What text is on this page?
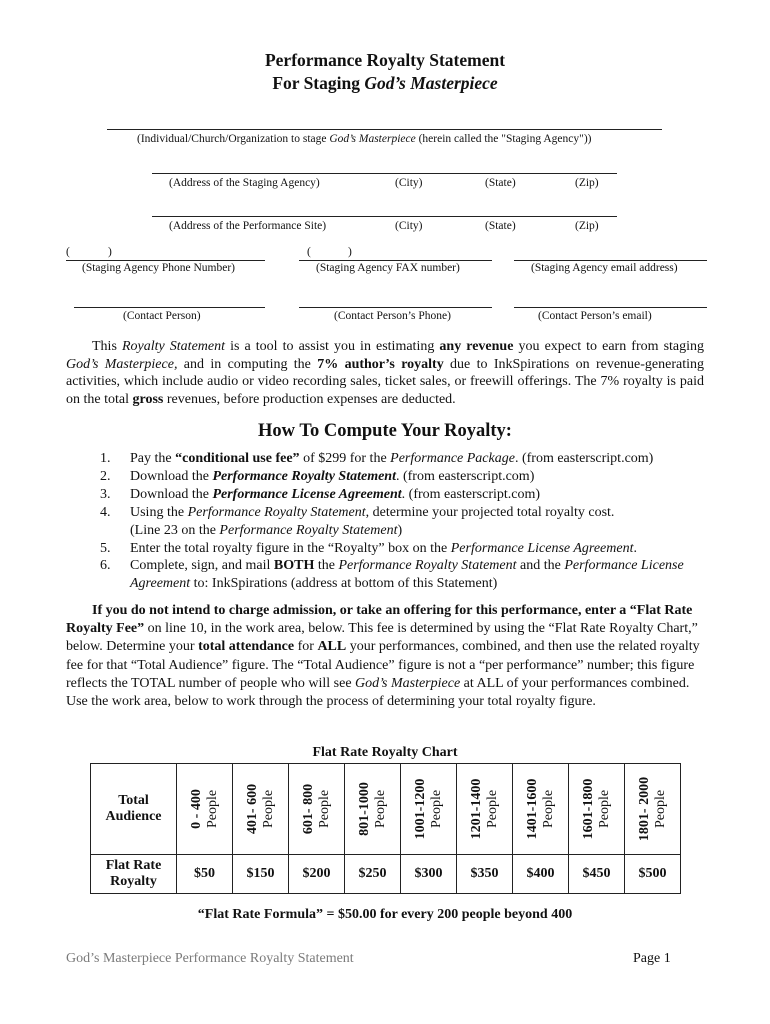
Performance Royalty Statement
For Staging God’s Masterpiece
(Individual/Church/Organization to stage God’s Masterpiece (herein called the "Staging Agency"))
(Address of the Staging Agency)	(City)	(State)	(Zip)
(Address of the Performance Site)	(City)	(State)	(Zip)
(	)
(Staging Agency Phone Number)
(	)
(Staging Agency FAX number)	(Staging Agency email address)
(Contact Person)	(Contact Person’s Phone)	(Contact Person’s email)
This Royalty Statement is a tool to assist you in estimating any revenue you expect to earn from staging God’s Masterpiece, and in computing the 7% author’s royalty due to InkSpirations on revenue-generating activities, which include audio or video recording sales, ticket sales, or freewill offerings. The 7% royalty is paid on the total gross revenues, before production expenses are deducted.
How To Compute Your Royalty:
1. Pay the “conditional use fee” of $299 for the Performance Package. (from easterscript.com)
2. Download the Performance Royalty Statement. (from easterscript.com)
3. Download the Performance License Agreement. (from easterscript.com)
4. Using the Performance Royalty Statement, determine your projected total royalty cost.
(Line 23 on the Performance Royalty Statement)
5. Enter the total royalty figure in the “Royalty” box on the Performance License Agreement.
6. Complete, sign, and mail BOTH the Performance Royalty Statement and the Performance License Agreement to: InkSpirations (address at bottom of this Statement)
If you do not intend to charge admission, or take an offering for this performance, enter a “Flat Rate Royalty Fee” on line 10, in the work area, below. This fee is determined by using the “Flat Rate Royalty Chart,” below. Determine your total attendance for ALL your performances, combined, and then use the related royalty fee for that “Total Audience” figure. The “Total Audience” figure is not a “per performance” number; this figure reflects the TOTAL number of people who will see God’s Masterpiece at ALL of your performances combined. Use the work area, below to work through the process of determining your total royalty figure.
Flat Rate Royalty Chart
Total Audience	0 - 400 People	401- 600 People	601- 800 People	801-1000 People	1001-1200 People	1201-1400 People	1401-1600 People	1601-1800 People	1801- 2000 People

Flat Rate Royalty	$50	$150	$200	$250	$300	$350	$400	$450	$500
“Flat Rate Formula” = $50.00 for every 200 people beyond 400
God’s Masterpiece Performance Royalty Statement	Page 1
